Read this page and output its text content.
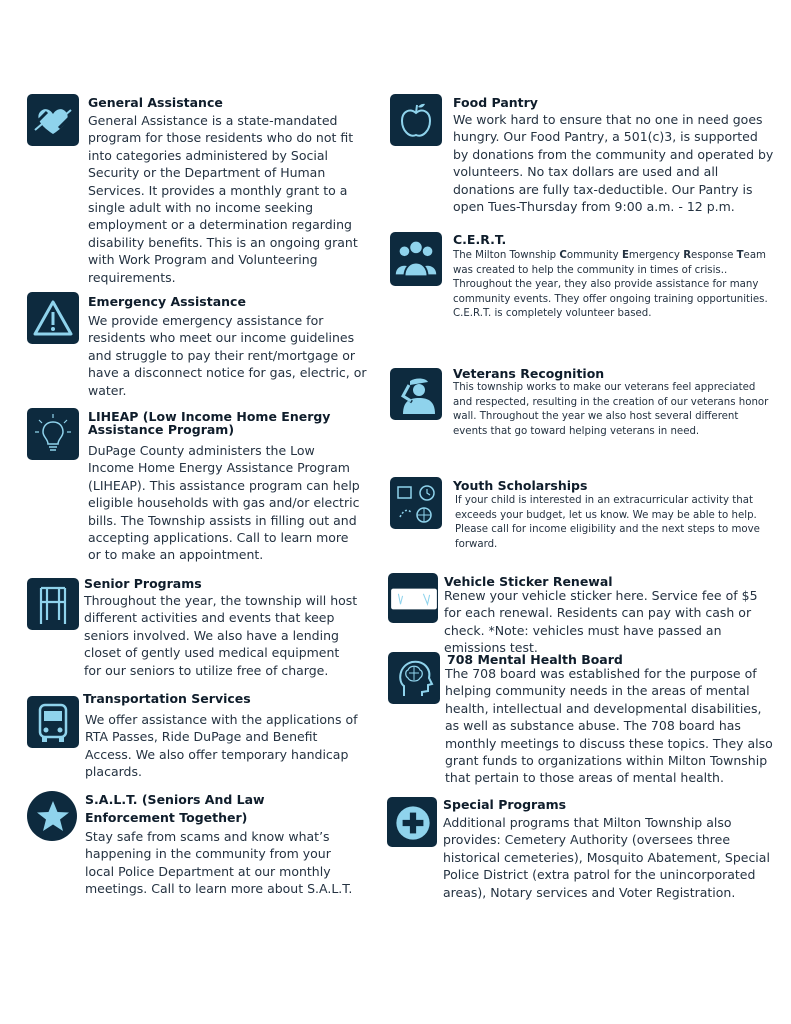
General Assistance

General Assistance is a state-mandated program for those residents who do not fit into categories administered by Social Security or the Department of Human Services. It provides a monthly grant to a single adult with no income seeking employment or a determination regarding disability benefits. This is an ongoing grant with Work Program and Volunteering requirements.

Emergency Assistance

We provide emergency assistance for residents who meet our income guidelines and struggle to pay their rent/mortgage or have a disconnect notice for gas, electric, or water.

LIHEAP (Low Income Home Energy Assistance Program)

DuPage County administers the Low Income Home Energy Assistance Program (LIHEAP). This assistance program can help eligible households with gas and/or electric bills. The Township assists in filling out and accepting applications. Call to learn more or to make an appointment.

Senior Programs

Throughout the year, the township will host different activities and events that keep seniors involved. We also have a lending closet of gently used medical equipment for our seniors to utilize free of charge.

Transportation Services

We offer assistance with the applications of RTA Passes, Ride DuPage and Benefit Access. We also offer temporary handicap placards.

S.A.L.T. (Seniors And Law Enforcement Together)

Stay safe from scams and know what’s happening in the community from your local Police Department at our monthly meetings. Call to learn more about S.A.L.T.

Food Pantry

We work hard to ensure that no one in need goes hungry. Our Food Pantry, a 501(c)3, is supported by donations from the community and operated by volunteers. No tax dollars are used and all donations are fully tax-deductible. Our Pantry is open Tues-Thursday from 9:00 a.m. - 12 p.m.

C.E.R.T.

The Milton Township Community Emergency Response Team was created to help the community in times of crisis.. Throughout the year, they also provide assistance for many community events. They offer ongoing training opportunities. C.E.R.T. is completely volunteer based.

Veterans Recognition

This township works to make our veterans feel appreciated and respected, resulting in the creation of our veterans honor wall. Throughout the year we also host several different events that go toward helping veterans in need.

Youth Scholarships

If your child is interested in an extracurricular activity that exceeds your budget, let us know. We may be able to help. Please call for income eligibility and the next steps to move forward.

Vehicle Sticker Renewal

Renew your vehicle sticker here. Service fee of $5 for each renewal. Residents can pay with cash or check. *Note: vehicles must have passed an emissions test.

708 Mental Health Board

The 708 board was established for the purpose of helping community needs in the areas of mental health, intellectual and developmental disabilities, as well as substance abuse. The 708 board has monthly meetings to discuss these topics. They also grant funds to organizations within Milton Township that pertain to those areas of mental health.

Special Programs

Additional programs that Milton Township also provides: Cemetery Authority (oversees three historical cemeteries), Mosquito Abatement, Special Police District (extra patrol for the unincorporated areas), Notary services and Voter Registration.
